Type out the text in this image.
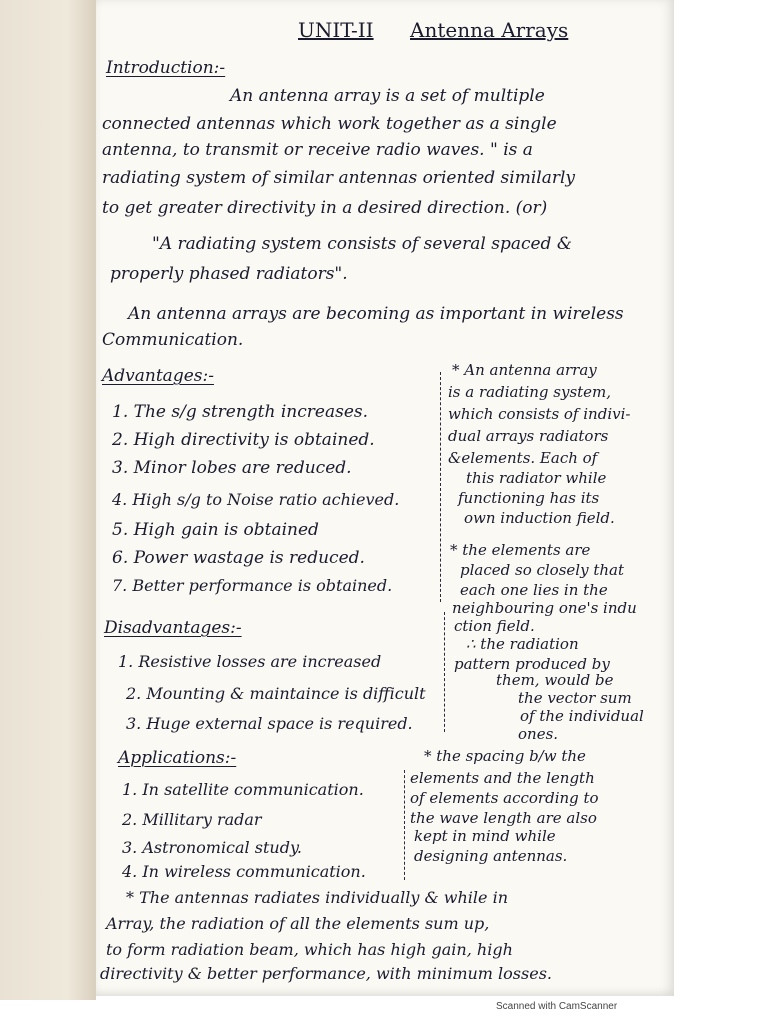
UNIT-II Antenna Arrays
Introduction:-
An antenna array is a set of multiple
connected antennas which work together as a single
antenna, to transmit or receive radio waves. " is a
radiating system of similar antennas oriented similarly
to get greater directivity in a desired direction. (or)
"A radiating system consists of several spaced &
properly phased radiators".
An antenna arrays are becoming as important in wireless
Communication.
Advantages:-
1. The s/g strength increases.
2. High directivity is obtained.
3. Minor lobes are reduced.
4. High s/g to Noise ratio achieved.
5. High gain is obtained
6. Power wastage is reduced.
7. Better performance is obtained.
Disadvantages:-
1. Resistive losses are increased
2. Mounting & maintaince is difficult
3. Huge external space is required.
Applications:-
1. In satellite communication.
2. Millitary radar
3. Astronomical study.
4. In wireless communication.
* An antenna array
is a radiating system,
which consists of indivi-
dual arrays radiators
&elements. Each of
this radiator while
functioning has its
own induction field.
* the elements are
placed so closely that
each one lies in the
neighbouring one's indu
ction field.
∴ the radiation
pattern produced by
them, would be
the vector sum
of the individual
ones.
* the spacing b/w the
elements and the length
of elements according to
the wave length are also
kept in mind while
designing antennas.
* The antennas radiates individually & while in
Array, the radiation of all the elements sum up,
to form radiation beam, which has high gain, high
directivity & better performance, with minimum losses.
Scanned with CamScanner
